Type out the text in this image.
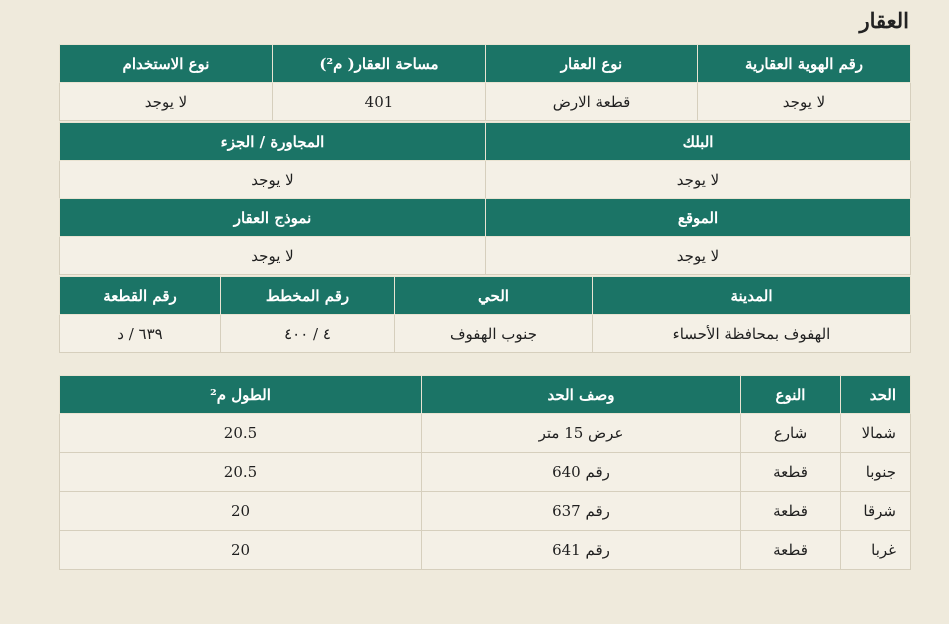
العقار
رقم الهوية العقارية	نوع العقار	مساحة العقار( م²)	نوع الاستخدام
لا يوجد	قطعة الارض	401	لا يوجد
البلك	المجاورة / الجزء
لا يوجد	لا يوجد
الموقع	نموذج العقار
لا يوجد	لا يوجد
المدينة	الحي	رقم المخطط	رقم القطعة
الهفوف بمحافظة الأحساء	جنوب الهفوف	٤ / ٤٠٠	٦٣٩ / د
الحد	النوع	وصف الحد	الطول م²
شمالا	شارع	عرض 15 متر	20.5
جنوبا	قطعة	رقم 640	20.5
شرقا	قطعة	رقم 637	20
غربا	قطعة	رقم 641	20
